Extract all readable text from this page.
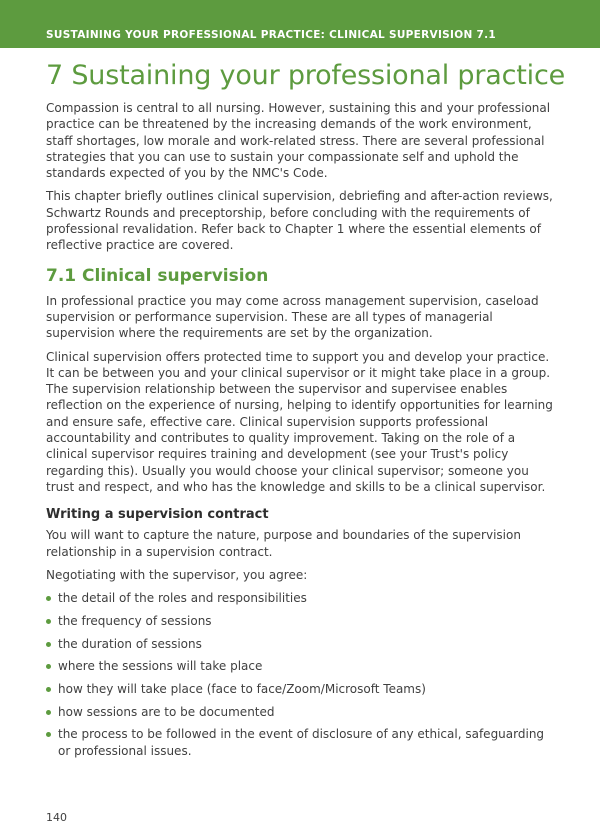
SUSTAINING YOUR PROFESSIONAL PRACTICE: CLINICAL SUPERVISION 7.1
7 Sustaining your professional practice

Compassion is central to all nursing. However, sustaining this and your professional practice can be threatened by the increasing demands of the work environment, staff shortages, low morale and work-related stress. There are several professional strategies that you can use to sustain your compassionate self and uphold the standards expected of you by the NMC's Code.

This chapter briefly outlines clinical supervision, debriefing and after-action reviews, Schwartz Rounds and preceptorship, before concluding with the requirements of professional revalidation. Refer back to Chapter 1 where the essential elements of reflective practice are covered.

7.1 Clinical supervision

In professional practice you may come across management supervision, caseload supervision or performance supervision. These are all types of managerial supervision where the requirements are set by the organization.

Clinical supervision offers protected time to support you and develop your practice. It can be between you and your clinical supervisor or it might take place in a group. The supervision relationship between the supervisor and supervisee enables reflection on the experience of nursing, helping to identify opportunities for learning and ensure safe, effective care. Clinical supervision supports professional accountability and contributes to quality improvement. Taking on the role of a clinical supervisor requires training and development (see your Trust's policy regarding this). Usually you would choose your clinical supervisor; someone you trust and respect, and who has the knowledge and skills to be a clinical supervisor.

Writing a supervision contract

You will want to capture the nature, purpose and boundaries of the supervision relationship in a supervision contract.

Negotiating with the supervisor, you agree:

the detail of the roles and responsibilities
the frequency of sessions
the duration of sessions
where the sessions will take place
how they will take place (face to face/Zoom/Microsoft Teams)
how sessions are to be documented
the process to be followed in the event of disclosure of any ethical, safeguarding or professional issues.
140
